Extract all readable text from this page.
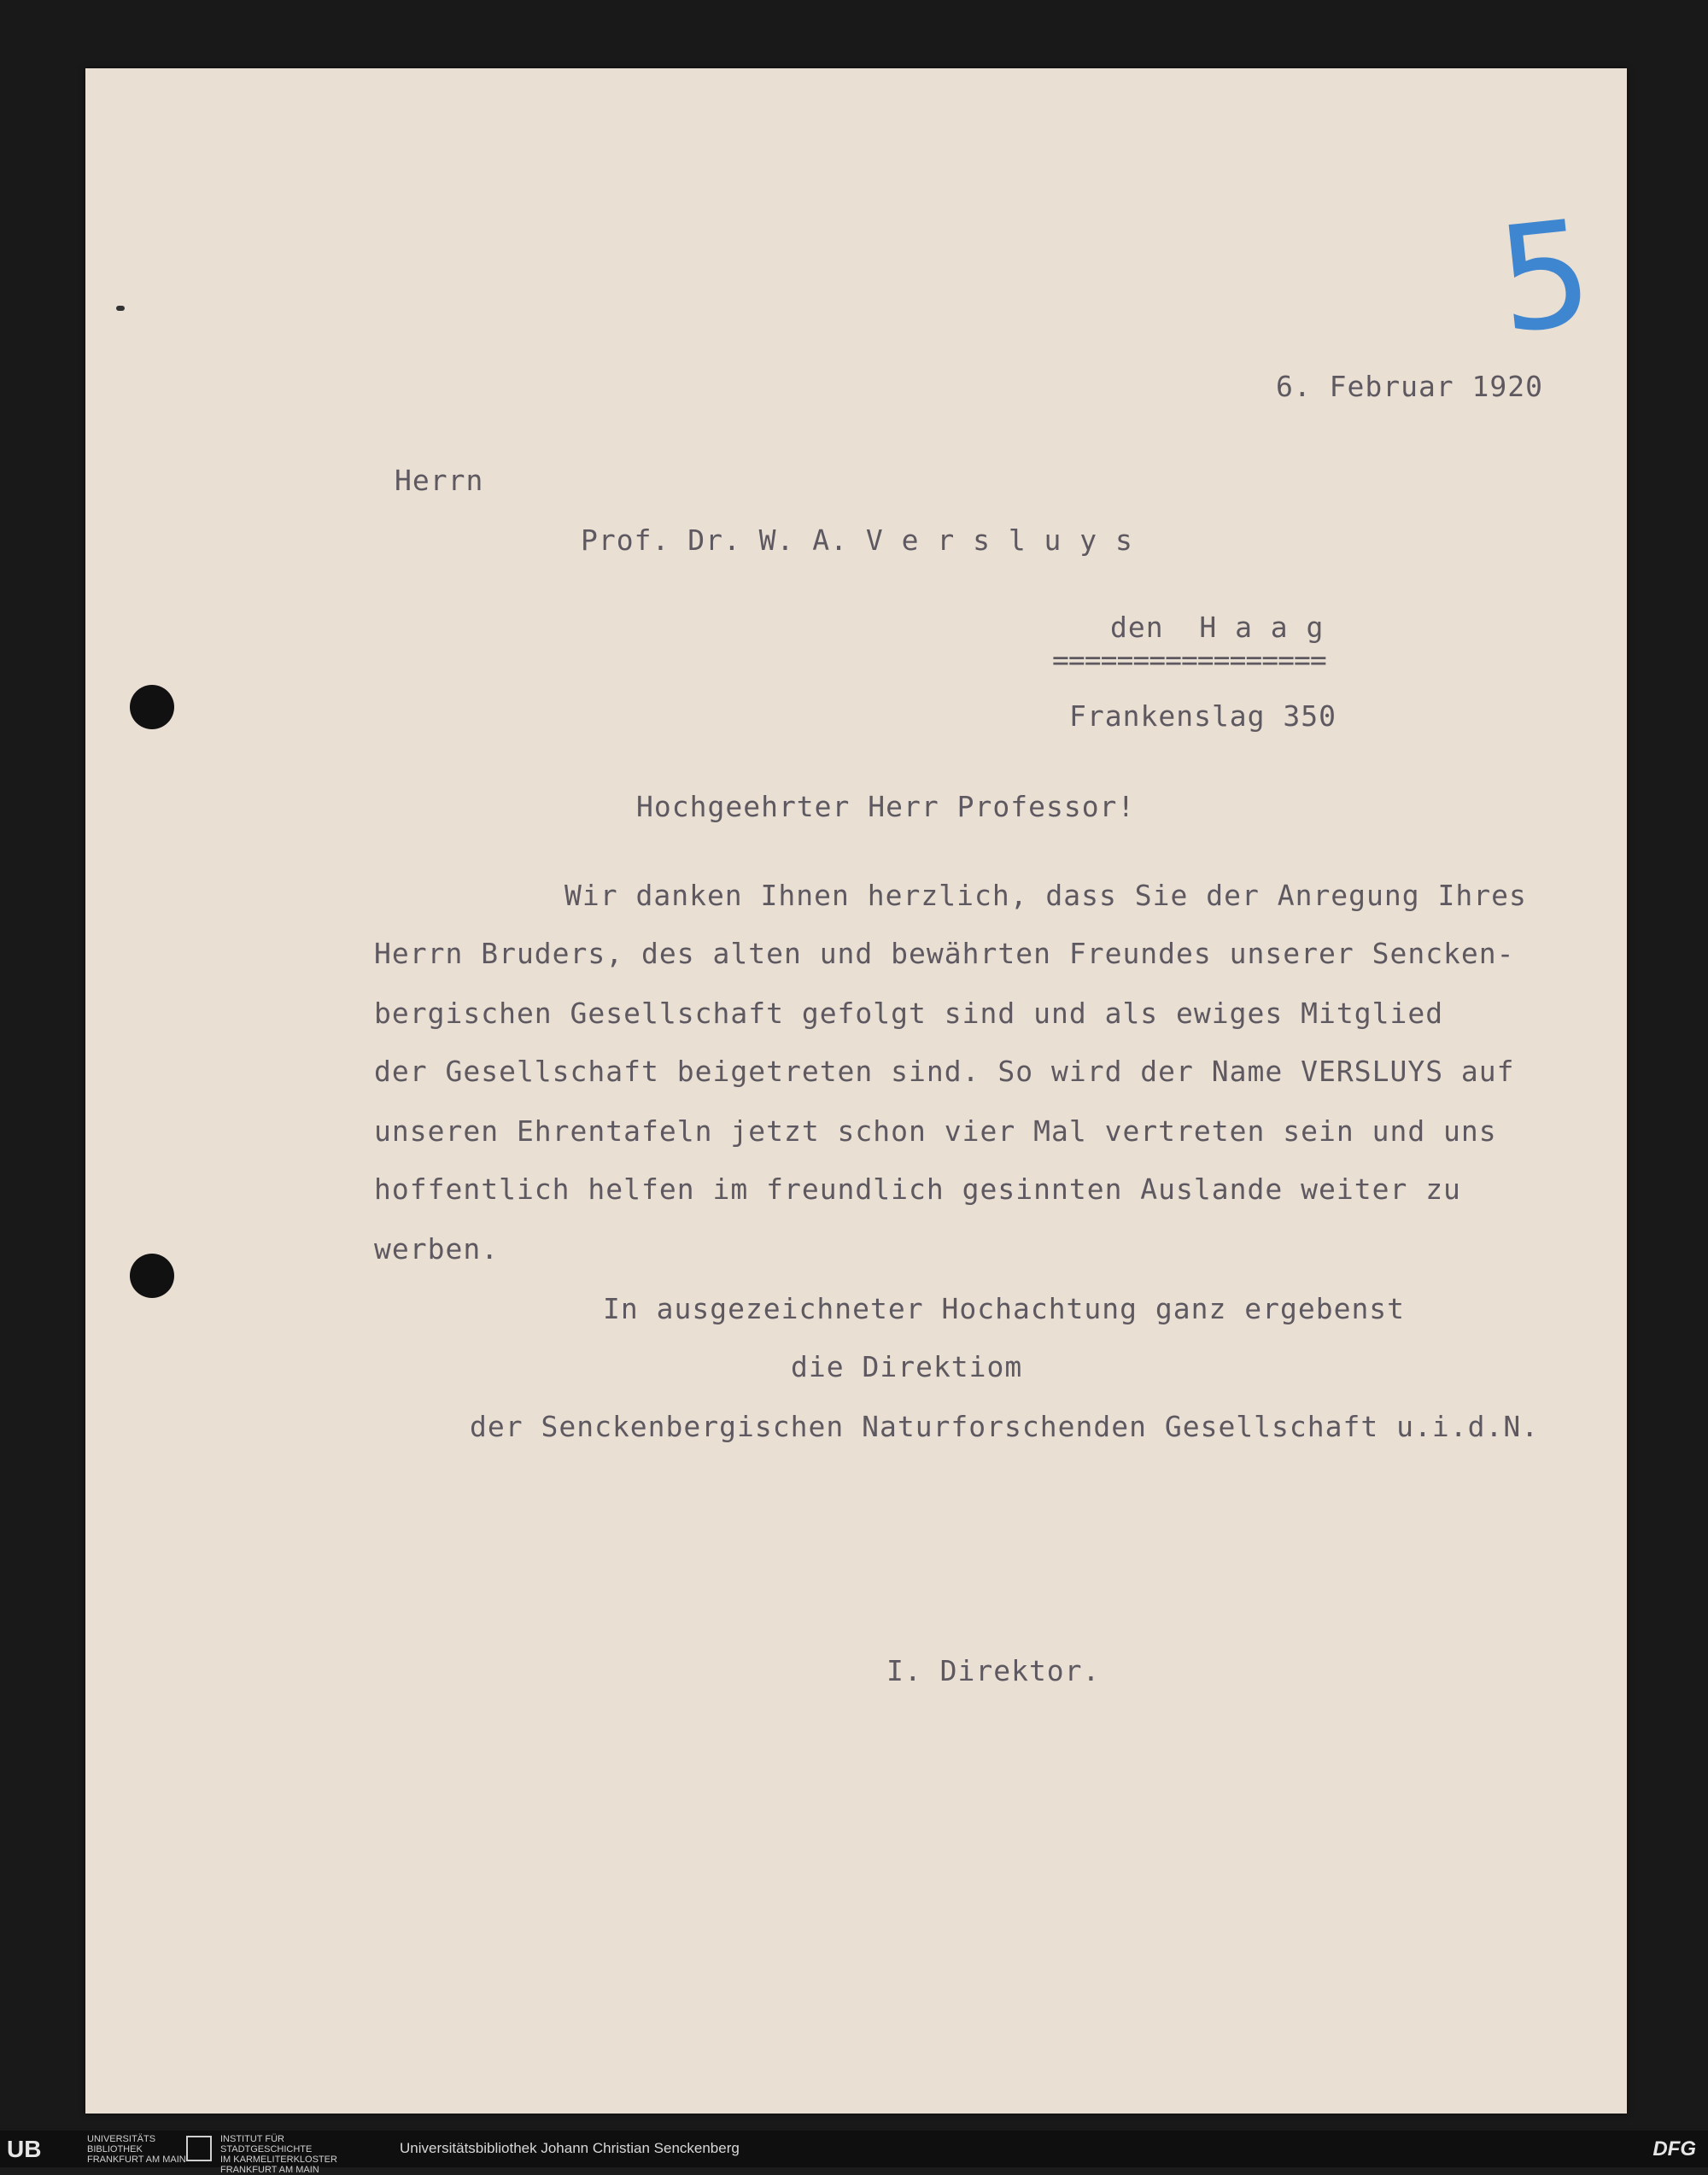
5
6. Februar 1920
Herrn
Prof. Dr. W. A. V e r s l u y s
den  H a a g
=================
Frankenslag 350
Hochgeehrter Herr Professor!
Wir danken Ihnen herzlich, dass Sie der Anregung Ihres
Herrn Bruders, des alten und bewährten Freundes unserer Sencken-
bergischen Gesellschaft gefolgt sind und als ewiges Mitglied
der Gesellschaft beigetreten sind. So wird der Name VERSLUYS auf
unseren Ehrentafeln jetzt schon vier Mal vertreten sein und uns
hoffentlich helfen im freundlich gesinnten Auslande weiter zu
werben.
In ausgezeichneter Hochachtung ganz ergebenst
die Direktiom
der Senckenbergischen Naturforschenden Gesellschaft u.i.d.N.
I. Direktor.
UB	UNIVERSITÄTS
BIBLIOTHEK
FRANKFURT AM MAIN
INSTITUT FÜR
STADTGESCHICHTE
IM KARMELITERKLOSTER
FRANKFURT AM MAIN
Universitätsbibliothek Johann Christian Senckenberg	DFG
